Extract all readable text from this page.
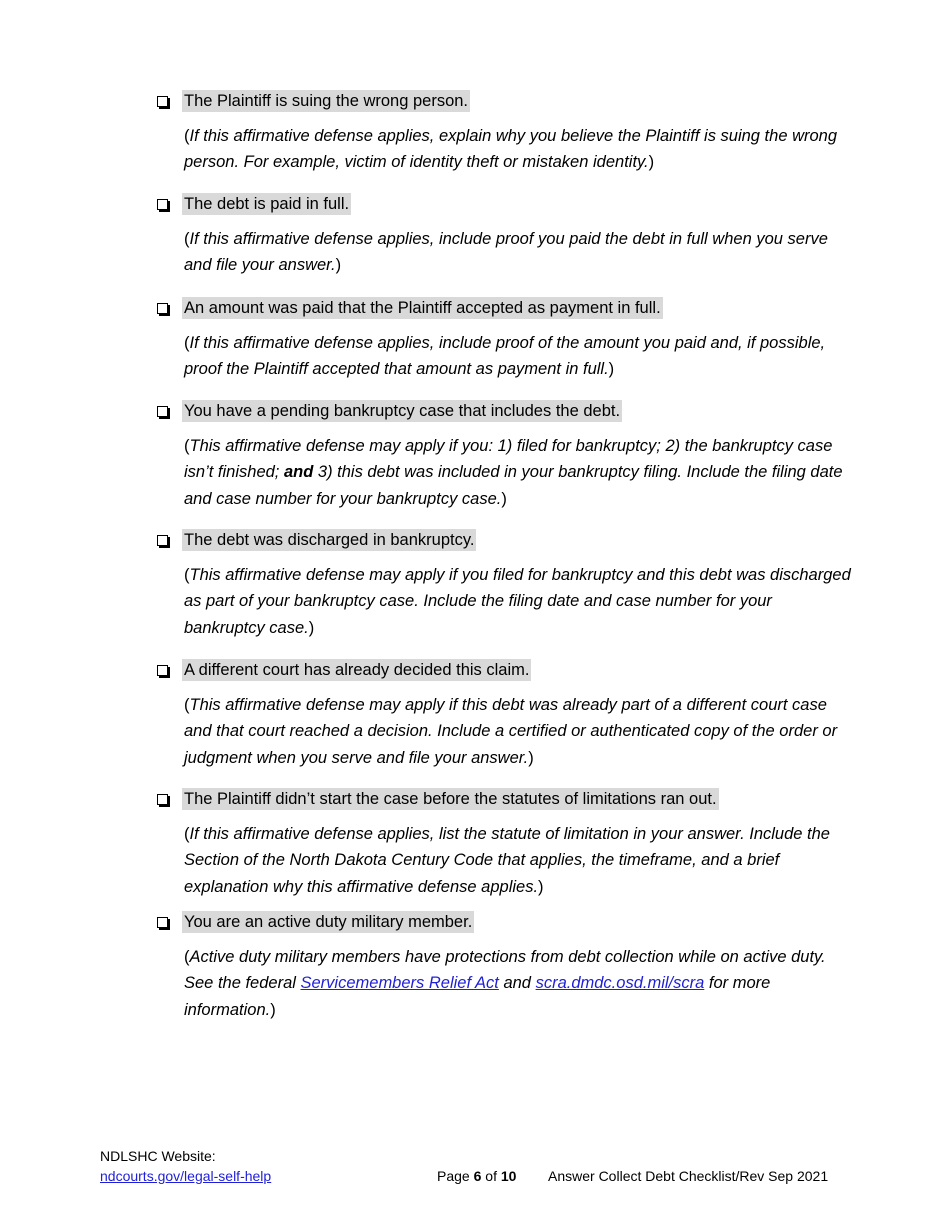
The Plaintiff is suing the wrong person.
(If this affirmative defense applies, explain why you believe the Plaintiff is suing the wrong person. For example, victim of identity theft or mistaken identity.)
The debt is paid in full.
(If this affirmative defense applies, include proof you paid the debt in full when you serve and file your answer.)
An amount was paid that the Plaintiff accepted as payment in full.
(If this affirmative defense applies, include proof of the amount you paid and, if possible, proof the Plaintiff accepted that amount as payment in full.)
You have a pending bankruptcy case that includes the debt.
(This affirmative defense may apply if you: 1) filed for bankruptcy; 2) the bankruptcy case isn’t finished; and 3) this debt was included in your bankruptcy filing. Include the filing date and case number for your bankruptcy case.)
The debt was discharged in bankruptcy.
(This affirmative defense may apply if you filed for bankruptcy and this debt was discharged as part of your bankruptcy case. Include the filing date and case number for your bankruptcy case.)
A different court has already decided this claim.
(This affirmative defense may apply if this debt was already part of a different court case and that court reached a decision. Include a certified or authenticated copy of the order or judgment when you serve and file your answer.)
The Plaintiff didn’t start the case before the statutes of limitations ran out.
(If this affirmative defense applies, list the statute of limitation in your answer. Include the Section of the North Dakota Century Code that applies, the timeframe, and a brief explanation why this affirmative defense applies.)
You are an active duty military member.
(Active duty military members have protections from debt collection while on active duty. See the federal Servicemembers Relief Act and scra.dmdc.osd.mil/scra for more information.)
NDLSHC Website:
ndcourts.gov/legal-self-help	Page 6 of 10 Answer Collect Debt Checklist/Rev Sep 2021
